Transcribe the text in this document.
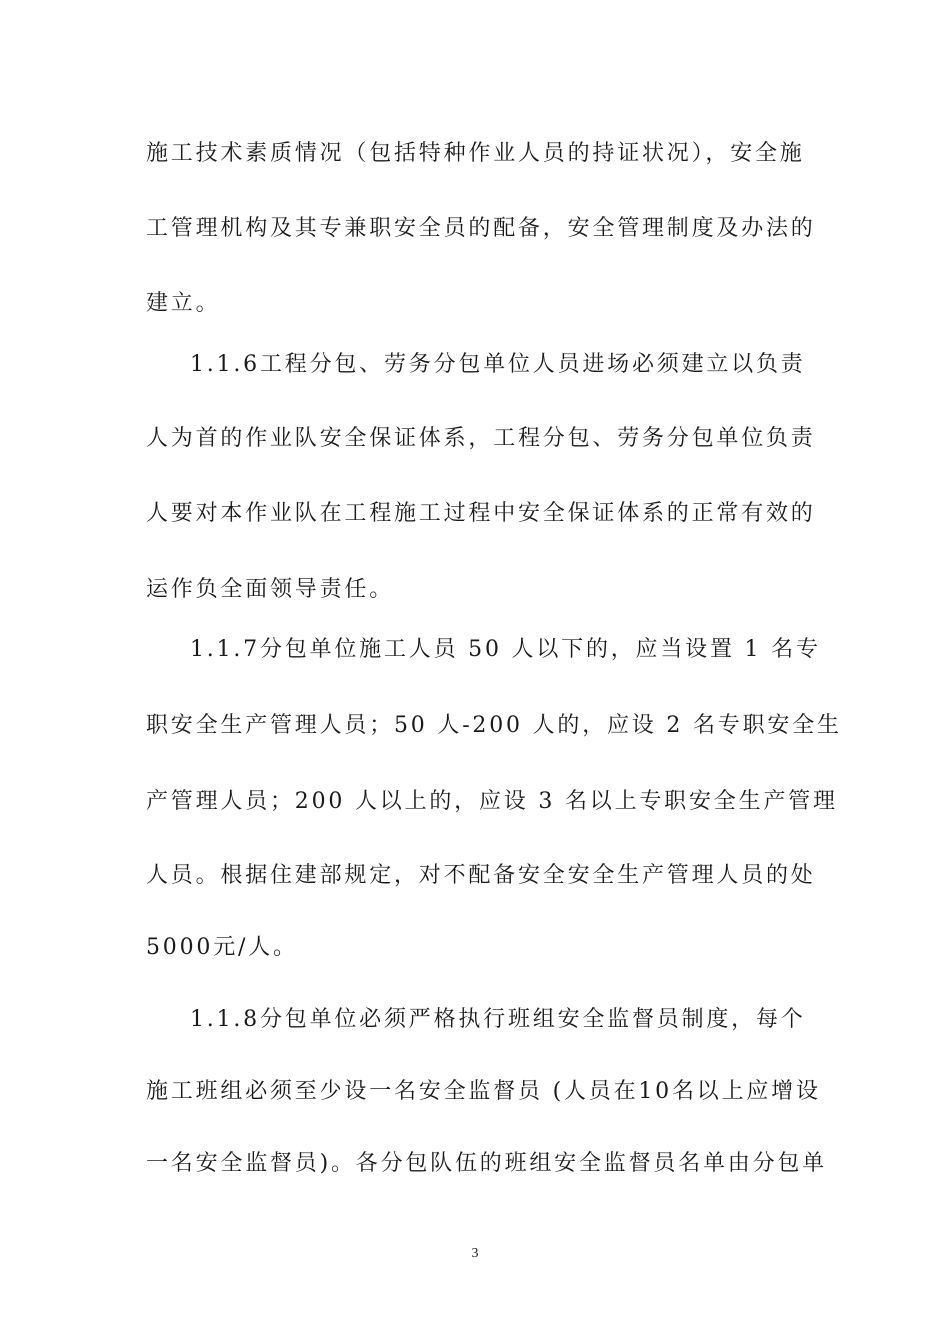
施工技术素质情况（包括特种作业人员的持证状况），安全施
工管理机构及其专兼职安全员的配备，安全管理制度及办法的
建立。
1.1.6工程分包、劳务分包单位人员进场必须建立以负责
人为首的作业队安全保证体系，工程分包、劳务分包单位负责
人要对本作业队在工程施工过程中安全保证体系的正常有效的
运作负全面领导责任。
1.1.7分包单位施工人员 50 人以下的，应当设置 1 名专
职安全生产管理人员；50 人-200 人的，应设 2 名专职安全生
产管理人员；200 人以上的，应设 3 名以上专职安全生产管理
人员。根据住建部规定，对不配备安全安全生产管理人员的处
5000元/人。
1.1.8分包单位必须严格执行班组安全监督员制度，每个
施工班组必须至少设一名安全监督员 (人员在10名以上应增设
一名安全监督员)。各分包队伍的班组安全监督员名单由分包单
3
